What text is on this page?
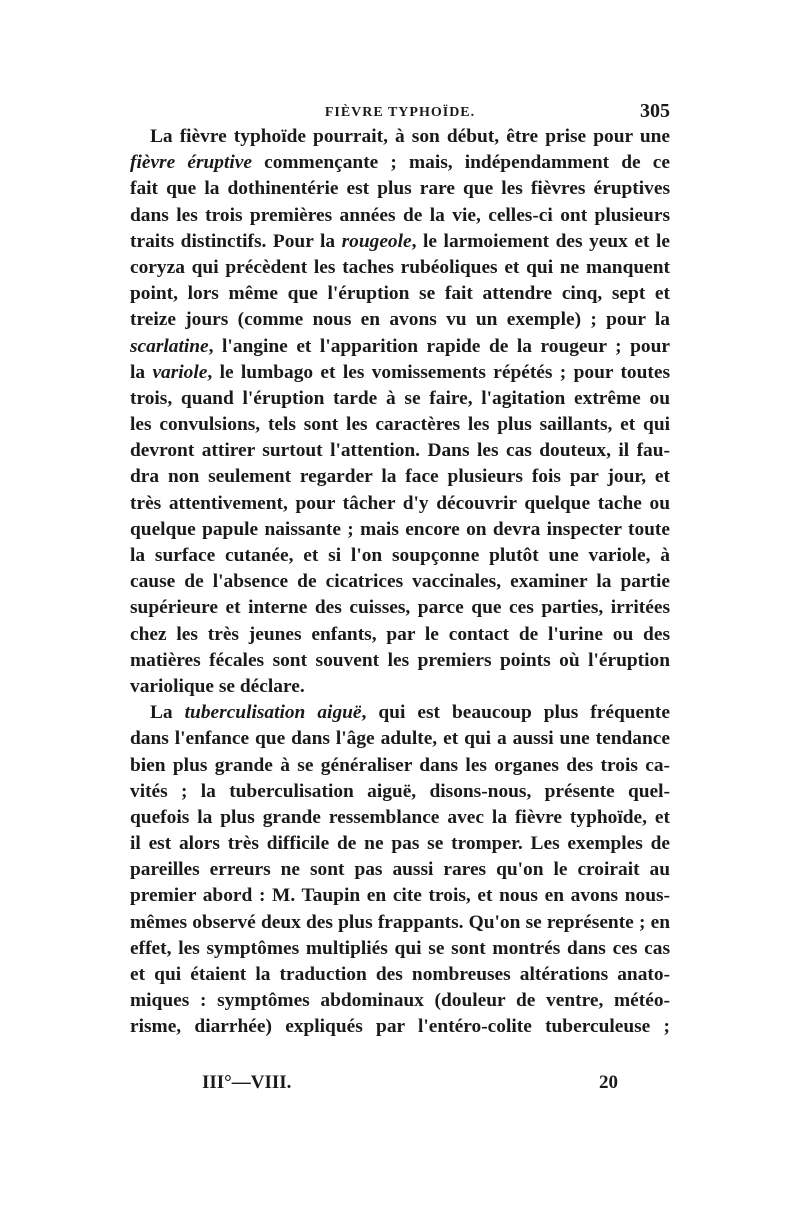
FIÈVRE TYPHOÏDE.	305
La fièvre typhoïde pourrait, à son début, être prise pour une
fièvre éruptive commençante ; mais, indépendamment de ce
fait que la dothinentérie est plus rare que les fièvres éruptives
dans les trois premières années de la vie, celles-ci ont plusieurs
traits distinctifs. Pour la rougeole, le larmoiement des yeux et le
coryza qui précèdent les taches rubéoliques et qui ne manquent
point, lors même que l'éruption se fait attendre cinq, sept et
treize jours (comme nous en avons vu un exemple) ; pour la
scarlatine, l'angine et l'apparition rapide de la rougeur ; pour
la variole, le lumbago et les vomissements répétés ; pour toutes
trois, quand l'éruption tarde à se faire, l'agitation extrême ou
les convulsions, tels sont les caractères les plus saillants, et qui
devront attirer surtout l'attention. Dans les cas douteux, il fau-
dra non seulement regarder la face plusieurs fois par jour, et
très attentivement, pour tâcher d'y découvrir quelque tache ou
quelque papule naissante ; mais encore on devra inspecter toute
la surface cutanée, et si l'on soupçonne plutôt une variole, à
cause de l'absence de cicatrices vaccinales, examiner la partie
supérieure et interne des cuisses, parce que ces parties, irritées
chez les très jeunes enfants, par le contact de l'urine ou des
matières fécales sont souvent les premiers points où l'éruption
variolique se déclare.
La tuberculisation aiguë, qui est beaucoup plus fréquente
dans l'enfance que dans l'âge adulte, et qui a aussi une tendance
bien plus grande à se généraliser dans les organes des trois ca-
vités ; la tuberculisation aiguë, disons-nous, présente quel-
quefois la plus grande ressemblance avec la fièvre typhoïde, et
il est alors très difficile de ne pas se tromper. Les exemples de
pareilles erreurs ne sont pas aussi rares qu'on le croirait au
premier abord : M. Taupin en cite trois, et nous en avons nous-
mêmes observé deux des plus frappants. Qu'on se représente ; en
effet, les symptômes multipliés qui se sont montrés dans ces cas
et qui étaient la traduction des nombreuses altérations anato-
miques : symptômes abdominaux (douleur de ventre, météo-
risme, diarrhée) expliqués par l'entéro-colite tuberculeuse ;
III°—VIII.	20
